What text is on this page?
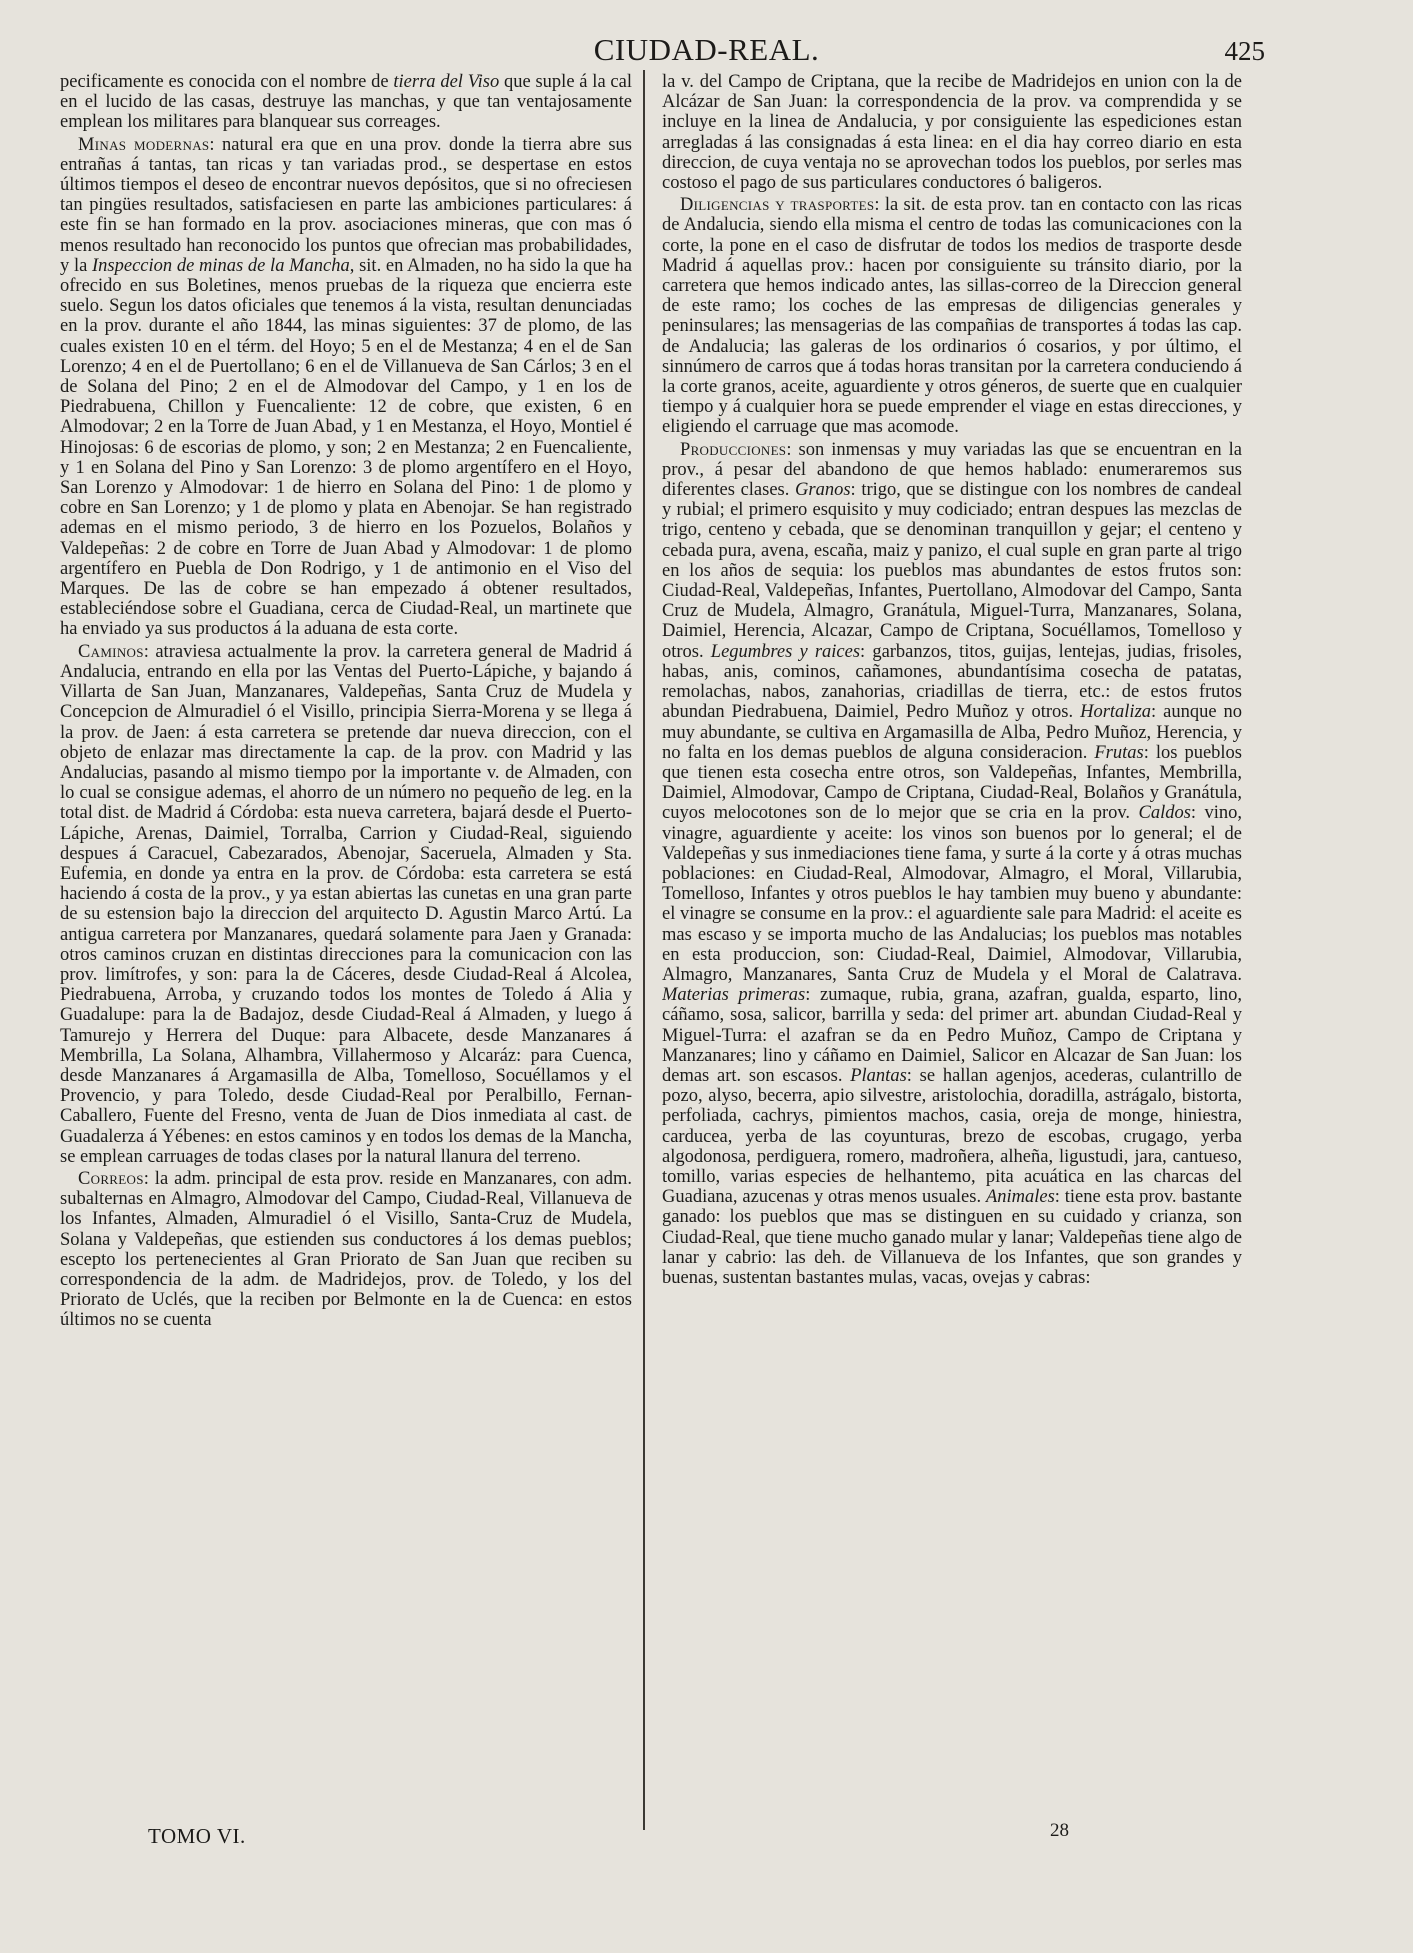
CIUDAD-REAL.	425

pecificamente es conocida con el nombre de tierra del Viso que suple á la cal en el lucido de las casas, destruye las manchas, y que tan ventajosamente emplean los militares para blanquear sus correages.

Minas modernas: natural era que en una prov. donde la tierra abre sus entrañas á tantas, tan ricas y tan variadas prod., se despertase en estos últimos tiempos el deseo de encontrar nuevos depósitos, que si no ofreciesen tan pingües resultados, satisfaciesen en parte las ambiciones particulares: á este fin se han formado en la prov. asociaciones mineras, que con mas ó menos resultado han reconocido los puntos que ofrecian mas probabilidades, y la Inspeccion de minas de la Mancha, sit. en Almaden, no ha sido la que ha ofrecido en sus Boletines, menos pruebas de la riqueza que encierra este suelo. Segun los datos oficiales que tenemos á la vista, resultan denunciadas en la prov. durante el año 1844, las minas siguientes: 37 de plomo, de las cuales existen 10 en el térm. del Hoyo; 5 en el de Mestanza; 4 en el de San Lorenzo; 4 en el de Puertollano; 6 en el de Villanueva de San Cárlos; 3 en el de Solana del Pino; 2 en el de Almodovar del Campo, y 1 en los de Piedrabuena, Chillon y Fuencaliente: 12 de cobre, que existen, 6 en Almodovar; 2 en la Torre de Juan Abad, y 1 en Mestanza, el Hoyo, Montiel é Hinojosas: 6 de escorias de plomo, y son; 2 en Mestanza; 2 en Fuencaliente, y 1 en Solana del Pino y San Lorenzo: 3 de plomo argentífero en el Hoyo, San Lorenzo y Almodovar: 1 de hierro en Solana del Pino: 1 de plomo y cobre en San Lorenzo; y 1 de plomo y plata en Abenojar. Se han registrado ademas en el mismo periodo, 3 de hierro en los Pozuelos, Bolaños y Valdepeñas: 2 de cobre en Torre de Juan Abad y Almodovar: 1 de plomo argentífero en Puebla de Don Rodrigo, y 1 de antimonio en el Viso del Marques. De las de cobre se han empezado á obtener resultados, estableciéndose sobre el Guadiana, cerca de Ciudad-Real, un martinete que ha enviado ya sus productos á la aduana de esta corte.

Caminos: atraviesa actualmente la prov. la carretera general de Madrid á Andalucia, entrando en ella por las Ventas del Puerto-Lápiche, y bajando á Villarta de San Juan, Manzanares, Valdepeñas, Santa Cruz de Mudela y Concepcion de Almuradiel ó el Visillo, principia Sierra-Morena y se llega á la prov. de Jaen: á esta carretera se pretende dar nueva direccion, con el objeto de enlazar mas directamente la cap. de la prov. con Madrid y las Andalucias, pasando al mismo tiempo por la importante v. de Almaden, con lo cual se consigue ademas, el ahorro de un número no pequeño de leg. en la total dist. de Madrid á Córdoba: esta nueva carretera, bajará desde el Puerto-Lápiche, Arenas, Daimiel, Torralba, Carrion y Ciudad-Real, siguiendo despues á Caracuel, Cabezarados, Abenojar, Saceruela, Almaden y Sta. Eufemia, en donde ya entra en la prov. de Córdoba: esta carretera se está haciendo á costa de la prov., y ya estan abiertas las cunetas en una gran parte de su estension bajo la direccion del arquitecto D. Agustin Marco Artú. La antigua carretera por Manzanares, quedará solamente para Jaen y Granada: otros caminos cruzan en distintas direcciones para la comunicacion con las prov. limítrofes, y son: para la de Cáceres, desde Ciudad-Real á Alcolea, Piedrabuena, Arroba, y cruzando todos los montes de Toledo á Alia y Guadalupe: para la de Badajoz, desde Ciudad-Real á Almaden, y luego á Tamurejo y Herrera del Duque: para Albacete, desde Manzanares á Membrilla, La Solana, Alhambra, Villahermoso y Alcaráz: para Cuenca, desde Manzanares á Argamasilla de Alba, Tomelloso, Socuéllamos y el Provencio, y para Toledo, desde Ciudad-Real por Peralbillo, Fernan-Caballero, Fuente del Fresno, venta de Juan de Dios inmediata al cast. de Guadalerza á Yébenes: en estos caminos y en todos los demas de la Mancha, se emplean carruages de todas clases por la natural llanura del terreno.

Correos: la adm. principal de esta prov. reside en Manzanares, con adm. subalternas en Almagro, Almodovar del Campo, Ciudad-Real, Villanueva de los Infantes, Almaden, Almuradiel ó el Visillo, Santa-Cruz de Mudela, Solana y Valdepeñas, que estienden sus conductores á los demas pueblos; escepto los pertenecientes al Gran Priorato de San Juan que reciben su correspondencia de la adm. de Madridejos, prov. de Toledo, y los del Priorato de Uclés, que la reciben por Belmonte en la de Cuenca: en estos últimos no se cuenta

la v. del Campo de Criptana, que la recibe de Madridejos en union con la de Alcázar de San Juan: la correspondencia de la prov. va comprendida y se incluye en la linea de Andalucia, y por consiguiente las espediciones estan arregladas á las consignadas á esta linea: en el dia hay correo diario en esta direccion, de cuya ventaja no se aprovechan todos los pueblos, por serles mas costoso el pago de sus particulares conductores ó baligeros.

Diligencias y trasportes: la sit. de esta prov. tan en contacto con las ricas de Andalucia, siendo ella misma el centro de todas las comunicaciones con la corte, la pone en el caso de disfrutar de todos los medios de trasporte desde Madrid á aquellas prov.: hacen por consiguiente su tránsito diario, por la carretera que hemos indicado antes, las sillas-correo de la Direccion general de este ramo; los coches de las empresas de diligencias generales y peninsulares; las mensagerias de las compañias de transportes á todas las cap. de Andalucia; las galeras de los ordinarios ó cosarios, y por último, el sinnúmero de carros que á todas horas transitan por la carretera conduciendo á la corte granos, aceite, aguardiente y otros géneros, de suerte que en cualquier tiempo y á cualquier hora se puede emprender el viage en estas direcciones, y eligiendo el carruage que mas acomode.

Producciones: son inmensas y muy variadas las que se encuentran en la prov., á pesar del abandono de que hemos hablado: enumeraremos sus diferentes clases. Granos: trigo, que se distingue con los nombres de candeal y rubial; el primero esquisito y muy codiciado; entran despues las mezclas de trigo, centeno y cebada, que se denominan tranquillon y gejar; el centeno y cebada pura, avena, escaña, maiz y panizo, el cual suple en gran parte al trigo en los años de sequia: los pueblos mas abundantes de estos frutos son: Ciudad-Real, Valdepeñas, Infantes, Puertollano, Almodovar del Campo, Santa Cruz de Mudela, Almagro, Granátula, Miguel-Turra, Manzanares, Solana, Daimiel, Herencia, Alcazar, Campo de Criptana, Socuéllamos, Tomelloso y otros. Legumbres y raices: garbanzos, titos, guijas, lentejas, judias, frisoles, habas, anis, cominos, cañamones, abundantísima cosecha de patatas, remolachas, nabos, zanahorias, criadillas de tierra, etc.: de estos frutos abundan Piedrabuena, Daimiel, Pedro Muñoz y otros. Hortaliza: aunque no muy abundante, se cultiva en Argamasilla de Alba, Pedro Muñoz, Herencia, y no falta en los demas pueblos de alguna consideracion. Frutas: los pueblos que tienen esta cosecha entre otros, son Valdepeñas, Infantes, Membrilla, Daimiel, Almodovar, Campo de Criptana, Ciudad-Real, Bolaños y Granátula, cuyos melocotones son de lo mejor que se cria en la prov. Caldos: vino, vinagre, aguardiente y aceite: los vinos son buenos por lo general; el de Valdepeñas y sus inmediaciones tiene fama, y surte á la corte y á otras muchas poblaciones: en Ciudad-Real, Almodovar, Almagro, el Moral, Villarubia, Tomelloso, Infantes y otros pueblos le hay tambien muy bueno y abundante: el vinagre se consume en la prov.: el aguardiente sale para Madrid: el aceite es mas escaso y se importa mucho de las Andalucias; los pueblos mas notables en esta produccion, son: Ciudad-Real, Daimiel, Almodovar, Villarubia, Almagro, Manzanares, Santa Cruz de Mudela y el Moral de Calatrava. Materias primeras: zumaque, rubia, grana, azafran, gualda, esparto, lino, cáñamo, sosa, salicor, barrilla y seda: del primer art. abundan Ciudad-Real y Miguel-Turra: el azafran se da en Pedro Muñoz, Campo de Criptana y Manzanares; lino y cáñamo en Daimiel, Salicor en Alcazar de San Juan: los demas art. son escasos. Plantas: se hallan agenjos, acederas, culantrillo de pozo, alyso, becerra, apio silvestre, aristolochia, doradilla, astrágalo, bistorta, perfoliada, cachrys, pimientos machos, casia, oreja de monge, hiniestra, carducea, yerba de las coyunturas, brezo de escobas, crugago, yerba algodonosa, perdiguera, romero, madroñera, alheña, ligustudi, jara, cantueso, tomillo, varias especies de helhantemo, pita acuática en las charcas del Guadiana, azucenas y otras menos usuales. Animales: tiene esta prov. bastante ganado: los pueblos que mas se distinguen en su cuidado y crianza, son Ciudad-Real, que tiene mucho ganado mular y lanar; Valdepeñas tiene algo de lanar y cabrio: las deh. de Villanueva de los Infantes, que son grandes y buenas, sustentan bastantes mulas, vacas, ovejas y cabras:

TOMO VI.	28
